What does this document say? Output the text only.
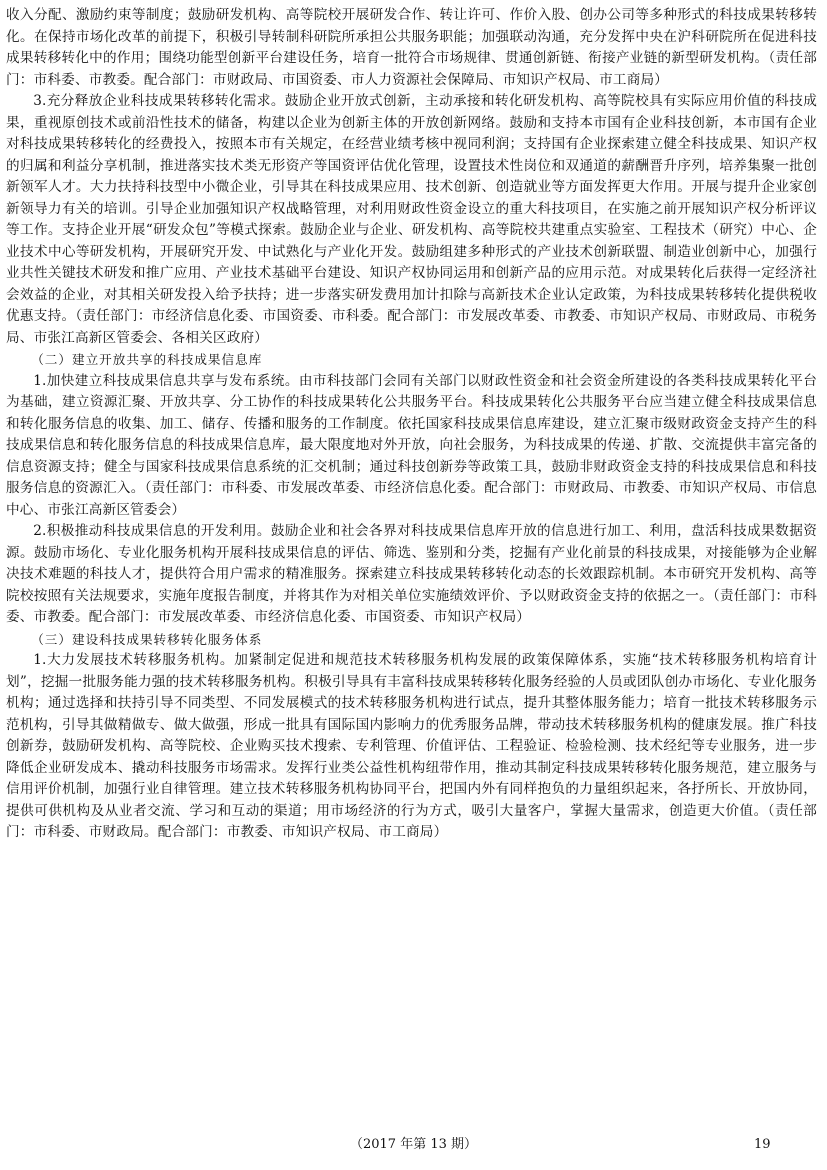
收入分配、激励约束等制度；鼓励研发机构、高等院校开展研发合作、转让许可、作价入股、创办公司等多种形式的科技成果转移转化。在保持市场化改革的前提下，积极引导转制科研院所承担公共服务职能；加强联动沟通，充分发挥中央在沪科研院所在促进科技成果转移转化中的作用；围绕功能型创新平台建设任务，培育一批符合市场规律、贯通创新链、衔接产业链的新型研发机构。（责任部门：市科委、市教委。配合部门：市财政局、市国资委、市人力资源社会保障局、市知识产权局、市工商局）

3.充分释放企业科技成果转移转化需求。鼓励企业开放式创新，主动承接和转化研发机构、高等院校具有实际应用价值的科技成果，重视原创技术或前沿性技术的储备，构建以企业为创新主体的开放创新网络。鼓励和支持本市国有企业科技创新，本市国有企业对科技成果转移转化的经费投入，按照本市有关规定，在经营业绩考核中视同利润；支持国有企业探索建立健全科技成果、知识产权的归属和利益分享机制，推进落实技术类无形资产等国资评估优化管理，设置技术性岗位和双通道的薪酬晋升序列，培养集聚一批创新领军人才。大力扶持科技型中小微企业，引导其在科技成果应用、技术创新、创造就业等方面发挥更大作用。开展与提升企业家创新领导力有关的培训。引导企业加强知识产权战略管理，对利用财政性资金设立的重大科技项目，在实施之前开展知识产权分析评议等工作。支持企业开展“研发众包”等模式探索。鼓励企业与企业、研发机构、高等院校共建重点实验室、工程技术（研究）中心、企业技术中心等研发机构，开展研究开发、中试熟化与产业化开发。鼓励组建多种形式的产业技术创新联盟、制造业创新中心，加强行业共性关键技术研发和推广应用、产业技术基础平台建设、知识产权协同运用和创新产品的应用示范。对成果转化后获得一定经济社会效益的企业，对其相关研发投入给予扶持；进一步落实研发费用加计扣除与高新技术企业认定政策，为科技成果转移转化提供税收优惠支持。（责任部门：市经济信息化委、市国资委、市科委。配合部门：市发展改革委、市教委、市知识产权局、市财政局、市税务局、市张江高新区管委会、各相关区政府）

（二）建立开放共享的科技成果信息库

1.加快建立科技成果信息共享与发布系统。由市科技部门会同有关部门以财政性资金和社会资金所建设的各类科技成果转化平台为基础，建立资源汇聚、开放共享、分工协作的科技成果转化公共服务平台。科技成果转化公共服务平台应当建立健全科技成果信息和转化服务信息的收集、加工、储存、传播和服务的工作制度。依托国家科技成果信息库建设，建立汇聚市级财政资金支持产生的科技成果信息和转化服务信息的科技成果信息库，最大限度地对外开放，向社会服务，为科技成果的传递、扩散、交流提供丰富完备的信息资源支持；健全与国家科技成果信息系统的汇交机制；通过科技创新券等政策工具，鼓励非财政资金支持的科技成果信息和科技服务信息的资源汇入。（责任部门：市科委、市发展改革委、市经济信息化委。配合部门：市财政局、市教委、市知识产权局、市信息中心、市张江高新区管委会）

2.积极推动科技成果信息的开发利用。鼓励企业和社会各界对科技成果信息库开放的信息进行加工、利用，盘活科技成果数据资源。鼓励市场化、专业化服务机构开展科技成果信息的评估、筛选、鉴别和分类，挖掘有产业化前景的科技成果，对接能够为企业解决技术难题的科技人才，提供符合用户需求的精准服务。探索建立科技成果转移转化动态的长效跟踪机制。本市研究开发机构、高等院校按照有关法规要求，实施年度报告制度，并将其作为对相关单位实施绩效评价、予以财政资金支持的依据之一。（责任部门：市科委、市教委。配合部门：市发展改革委、市经济信息化委、市国资委、市知识产权局）

（三）建设科技成果转移转化服务体系

1.大力发展技术转移服务机构。加紧制定促进和规范技术转移服务机构发展的政策保障体系，实施“技术转移服务机构培育计划”，挖掘一批服务能力强的技术转移服务机构。积极引导具有丰富科技成果转移转化服务经验的人员或团队创办市场化、专业化服务机构；通过选择和扶持引导不同类型、不同发展模式的技术转移服务机构进行试点，提升其整体服务能力；培育一批技术转移服务示范机构，引导其做精做专、做大做强，形成一批具有国际国内影响力的优秀服务品牌，带动技术转移服务机构的健康发展。推广科技创新券，鼓励研发机构、高等院校、企业购买技术搜索、专利管理、价值评估、工程验证、检验检测、技术经纪等专业服务，进一步降低企业研发成本、撬动科技服务市场需求。发挥行业类公益性机构纽带作用，推动其制定科技成果转移转化服务规范，建立服务与信用评价机制，加强行业自律管理。建立技术转移服务机构协同平台，把国内外有同样抱负的力量组织起来，各抒所长、开放协同，提供可供机构及从业者交流、学习和互动的渠道；用市场经济的行为方式，吸引大量客户，掌握大量需求，创造更大价值。（责任部门：市科委、市财政局。配合部门：市教委、市知识产权局、市工商局）

（2017 年第 13 期）	19
